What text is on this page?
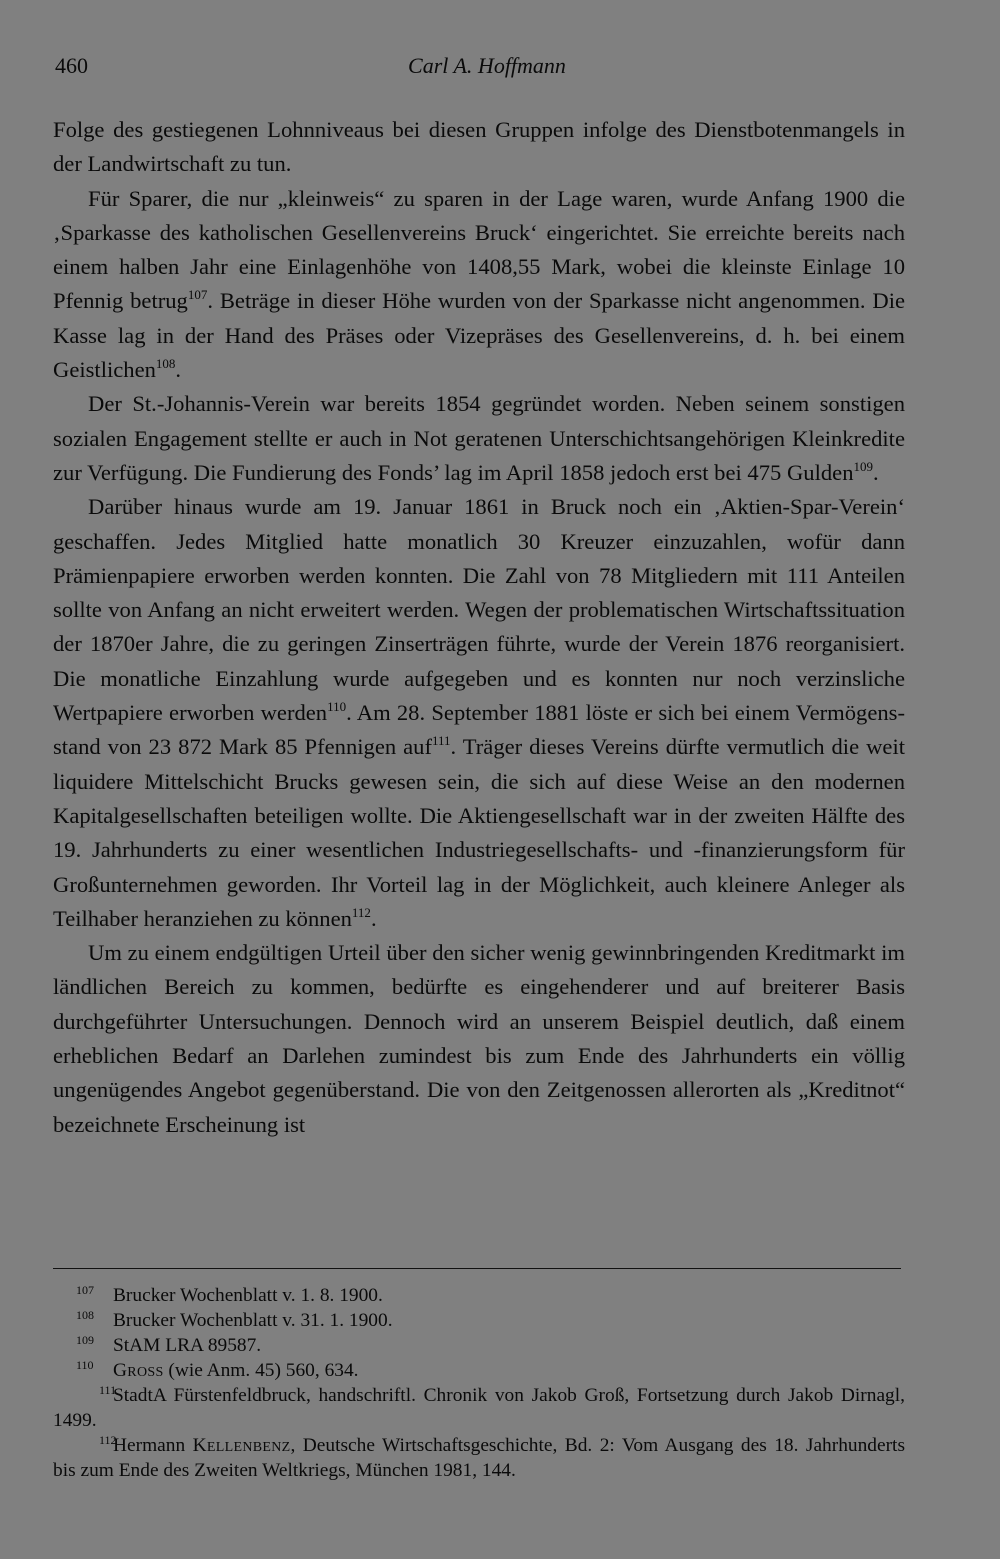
460	Carl A. Hoffmann

Folge des gestiegenen Lohnniveaus bei diesen Gruppen infolge des Dienstbotenmangels in der Landwirtschaft zu tun.

Für Sparer, die nur „kleinweis“ zu sparen in der Lage waren, wurde Anfang 1900 die ‚Sparkasse des katholischen Gesellenvereins Bruck‘ eingerichtet. Sie erreichte bereits nach einem halben Jahr eine Einlagenhöhe von 1408,55 Mark, wobei die kleinste Einlage 10 Pfennig betrug$^{107}$. Beträge in dieser Höhe wurden von der Sparkasse nicht angenommen. Die Kasse lag in der Hand des Präses oder Vizepräses des Gesellenvereins, d. h. bei einem Geistlichen$^{108}$.

Der St.-Johannis-Verein war bereits 1854 gegründet worden. Neben seinem sonstigen sozialen Engagement stellte er auch in Not geratenen Unterschichtsangehörigen Kleinkredite zur Verfügung. Die Fundierung des Fonds’ lag im April 1858 jedoch erst bei 475 Gulden$^{109}$.

Darüber hinaus wurde am 19. Januar 1861 in Bruck noch ein ‚Aktien-Spar-Verein‘ geschaffen. Jedes Mitglied hatte monatlich 30 Kreuzer einzuzahlen, wofür dann Prämienpapiere erworben werden konnten. Die Zahl von 78 Mitgliedern mit 111 Anteilen sollte von Anfang an nicht erweitert werden. Wegen der problematischen Wirtschaftssituation der 1870er Jahre, die zu geringen Zinserträgen führte, wurde der Verein 1876 reorganisiert. Die monatliche Einzahlung wurde aufgegeben und es konnten nur noch verzinsliche Wertpapiere erworben werden$^{110}$. Am 28. September 1881 löste er sich bei einem Vermögensstand von 23 872 Mark 85 Pfennigen auf$^{111}$. Träger dieses Vereins dürfte vermutlich die weit liquidere Mittelschicht Brucks gewesen sein, die sich auf diese Weise an den modernen Kapitalgesellschaften beteiligen wollte. Die Aktiengesellschaft war in der zweiten Hälfte des 19. Jahrhunderts zu einer wesentlichen Industriegesellschafts- und -finanzierungsform für Großunternehmen geworden. Ihr Vorteil lag in der Möglichkeit, auch kleinere Anleger als Teilhaber heranziehen zu können$^{112}$.

Um zu einem endgültigen Urteil über den sicher wenig gewinnbringenden Kreditmarkt im ländlichen Bereich zu kommen, bedürfte es eingehenderer und auf breiterer Basis durchgeführter Untersuchungen. Dennoch wird an unserem Beispiel deutlich, daß einem erheblichen Bedarf an Darlehen zumindest bis zum Ende des Jahrhunderts ein völlig ungenügendes Angebot gegenüberstand. Die von den Zeitgenossen allerorten als „Kreditnot“ bezeichnete Erscheinung ist

107 Brucker Wochenblatt v. 1. 8. 1900.
108 Brucker Wochenblatt v. 31. 1. 1900.
109 StAM LRA 89587.
110 Gross (wie Anm. 45) 560, 634.
111StadtA Fürstenfeldbruck, handschriftl. Chronik von Jakob Groß, Fortsetzung durch Jakob Dirnagl, 1499.
112Hermann Kellenbenz, Deutsche Wirtschaftsgeschichte, Bd. 2: Vom Ausgang des 18. Jahrhunderts bis zum Ende des Zweiten Weltkriegs, München 1981, 144.
